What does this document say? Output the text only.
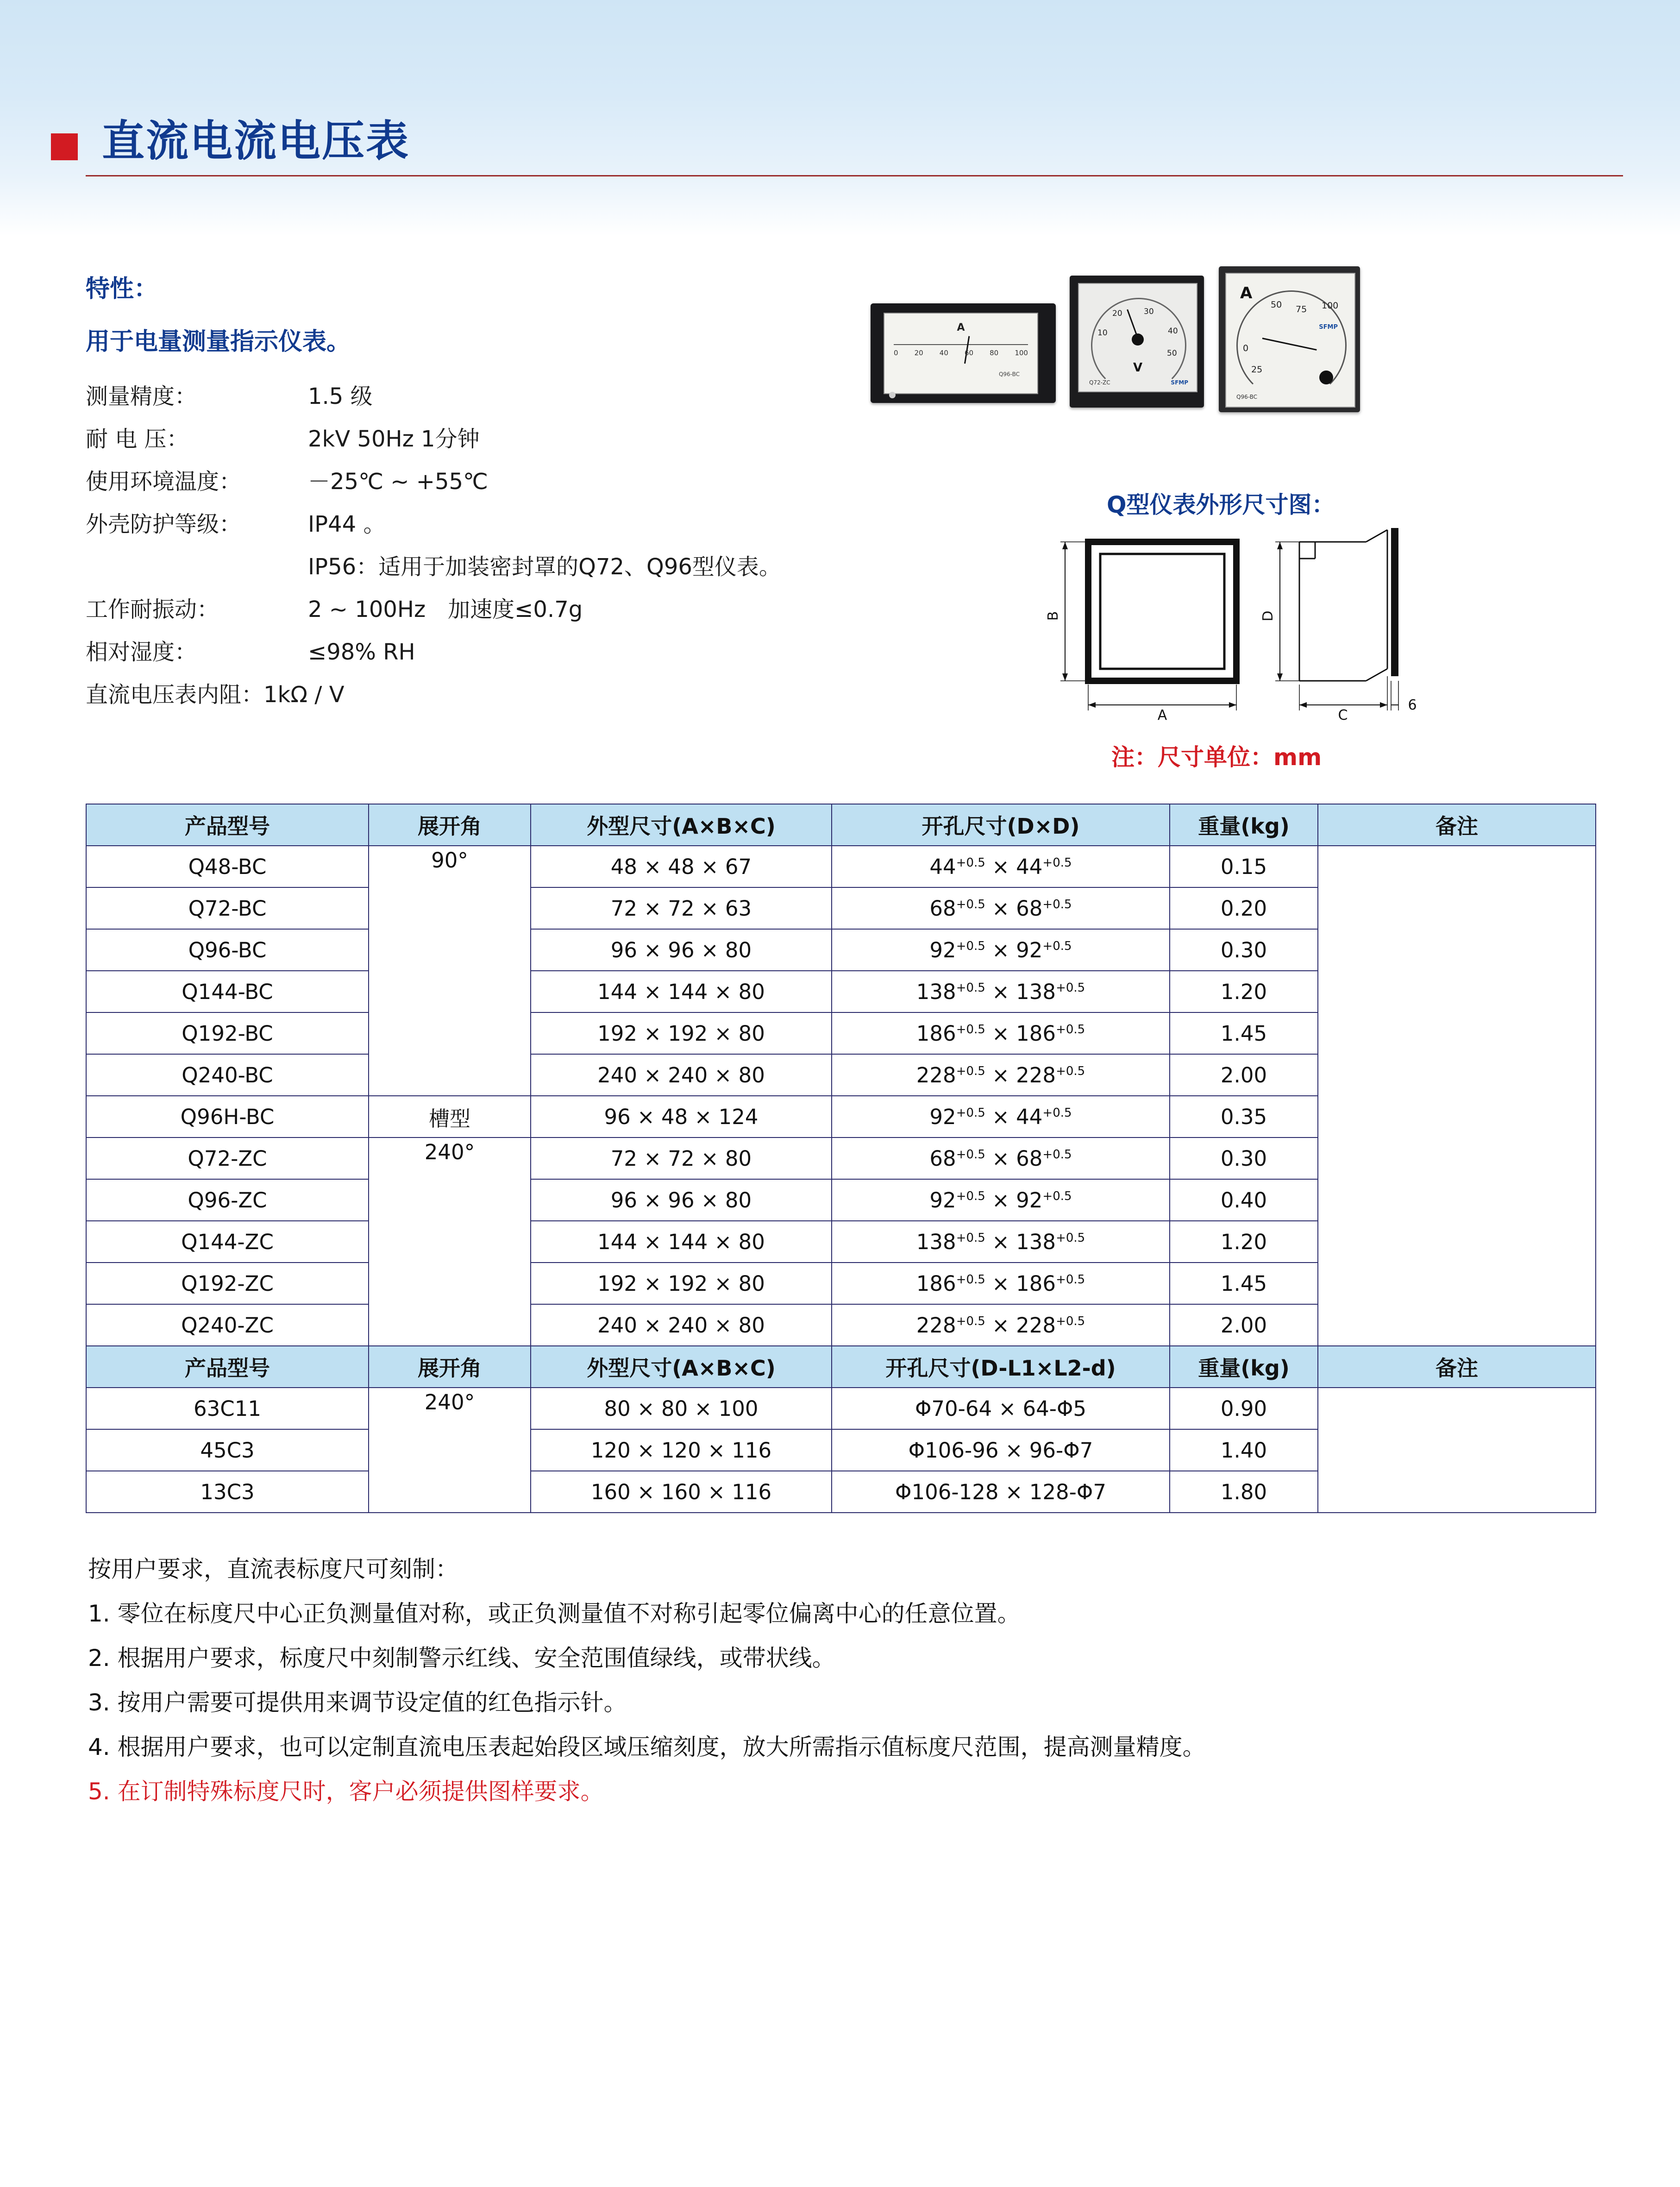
直流电流电压表
特性：
用于电量测量指示仪表。
测量精度：	1.5 级
耐 电 压：	2kV 50Hz 1分钟
使用环境温度：	－25℃ ~ +55℃
外壳防护等级：	IP44 。
IP56：适用于加装密封罩的Q72、Q96型仪表。
工作耐振动：	2 ~ 100Hz　加速度≤0.7g
相对湿度：	≤98% RH
直流电压表内阻：1kΩ / V
A
0 20 40 60 80 100
Q96-BC
10
20	30
40
50
V
Q72-ZC	SFMP
A
0
25
50 75 100
SFMP
Q96-BC
Q型仪表外形尺寸图：
B
A
D
C
6
注：尺寸单位：mm
产品型号	展开角	外型尺寸(A×B×C)	开孔尺寸(D×D)	重量(kg)	备注
Q48-BC	90°	48 × 48 × 67	$44^{+0.5} \times 44^{+0.5}$	0.15	
Q72-BC		72 × 72 × 63	$68^{+0.5} \times 68^{+0.5}$	0.20	
Q96-BC		96 × 96 × 80	$92^{+0.5} \times 92^{+0.5}$	0.30	
Q144-BC		144 × 144 × 80	$138^{+0.5} \times 138^{+0.5}$	1.20	
Q192-BC		192 × 192 × 80	$186^{+0.5} \times 186^{+0.5}$	1.45	
Q240-BC		240 × 240 × 80	$228^{+0.5} \times 228^{+0.5}$	2.00	
Q96H-BC	槽型	96 × 48 × 124	$92^{+0.5} \times 44^{+0.5}$	0.35	
Q72-ZC	240°	72 × 72 × 80	$68^{+0.5} \times 68^{+0.5}$	0.30	
Q96-ZC		96 × 96 × 80	$92^{+0.5} \times 92^{+0.5}$	0.40	
Q144-ZC		144 × 144 × 80	$138^{+0.5} \times 138^{+0.5}$	1.20	
Q192-ZC		192 × 192 × 80	$186^{+0.5} \times 186^{+0.5}$	1.45	
Q240-ZC		240 × 240 × 80	$228^{+0.5} \times 228^{+0.5}$	2.00	
产品型号	展开角	外型尺寸(A×B×C)	开孔尺寸(D-L1×L2-d)	重量(kg)	备注
63C11	240°	80 × 80 × 100	Φ70-64 × 64-Φ5	0.90	
45C3		120 × 120 × 116	Φ106-96 × 96-Φ7	1.40	
13C3		160 × 160 × 116	Φ106-128 × 128-Φ7	1.80	
按用户要求，直流表标度尺可刻制：
1. 零位在标度尺中心正负测量值对称，或正负测量值不对称引起零位偏离中心的任意位置。
2. 根据用户要求，标度尺中刻制警示红线、安全范围值绿线，或带状线。
3. 按用户需要可提供用来调节设定值的红色指示针。
4. 根据用户要求，也可以定制直流电压表起始段区域压缩刻度，放大所需指示值标度尺范围，提高测量精度。
5. 在订制特殊标度尺时，客户必须提供图样要求。
